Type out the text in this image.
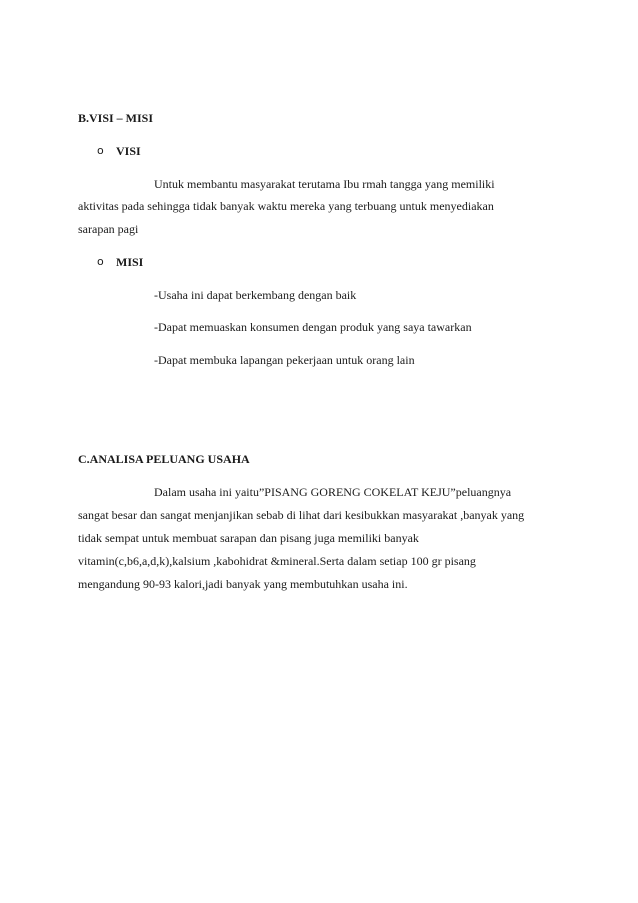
B.VISI – MISI
o VISI
Untuk membantu masyarakat terutama Ibu rmah tangga yang memiliki
aktivitas pada sehingga tidak banyak waktu mereka yang terbuang untuk menyediakan
sarapan pagi
o MISI
-Usaha ini dapat berkembang dengan baik
-Dapat memuaskan konsumen dengan produk yang saya tawarkan
-Dapat membuka lapangan pekerjaan untuk orang lain
C.ANALISA PELUANG USAHA
Dalam usaha ini yaitu”PISANG GORENG COKELAT KEJU”peluangnya
sangat besar dan sangat menjanjikan sebab di lihat dari kesibukkan masyarakat ,banyak yang
tidak sempat untuk membuat sarapan dan pisang juga memiliki banyak
vitamin(c,b6,a,d,k),kalsium ,kabohidrat &mineral.Serta dalam setiap 100 gr pisang
mengandung 90-93 kalori,jadi banyak yang membutuhkan usaha ini.
